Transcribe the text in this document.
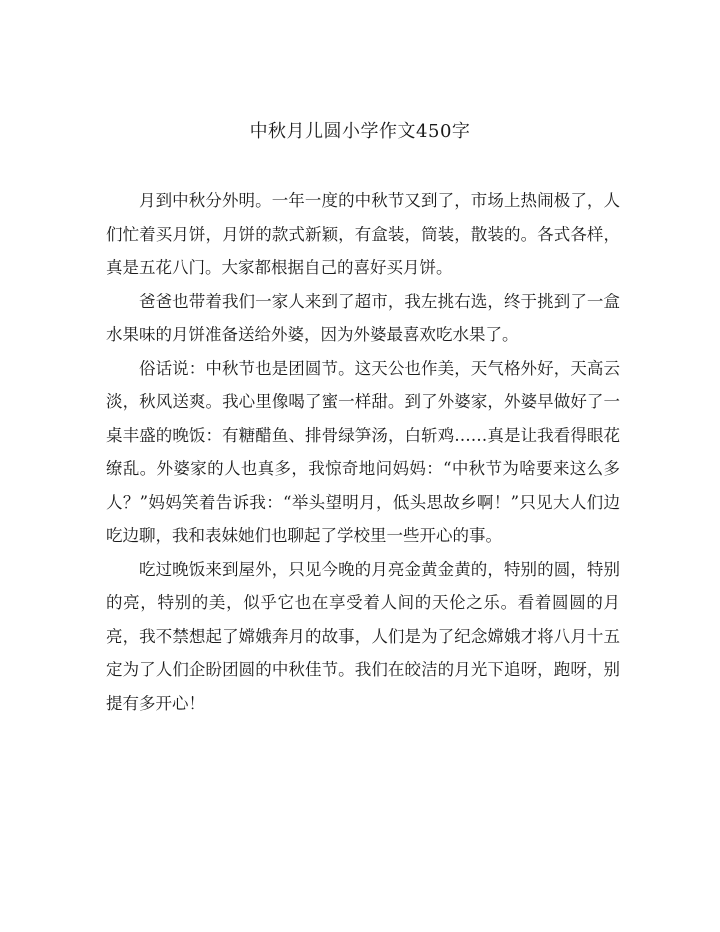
中秋月儿圆小学作文450字

月到中秋分外明。一年一度的中秋节又到了，市场上热闹极了，人们忙着买月饼，月饼的款式新颖，有盒装，筒装，散装的。各式各样，真是五花八门。大家都根据自己的喜好买月饼。

爸爸也带着我们一家人来到了超市，我左挑右选，终于挑到了一盒水果味的月饼准备送给外婆，因为外婆最喜欢吃水果了。

俗话说：中秋节也是团圆节。这天公也作美，天气格外好，天高云淡，秋风送爽。我心里像喝了蜜一样甜。到了外婆家，外婆早做好了一桌丰盛的晚饭：有糖醋鱼、排骨绿笋汤，白斩鸡……真是让我看得眼花缭乱。外婆家的人也真多，我惊奇地问妈妈：“中秋节为啥要来这么多人？”妈妈笑着告诉我：“举头望明月，低头思故乡啊！”只见大人们边吃边聊，我和表妹她们也聊起了学校里一些开心的事。

吃过晚饭来到屋外，只见今晚的月亮金黄金黄的，特别的圆，特别的亮，特别的美，似乎它也在享受着人间的天伦之乐。看着圆圆的月亮，我不禁想起了嫦娥奔月的故事，人们是为了纪念嫦娥才将八月十五定为了人们企盼团圆的中秋佳节。我们在皎洁的月光下追呀，跑呀，别提有多开心！
